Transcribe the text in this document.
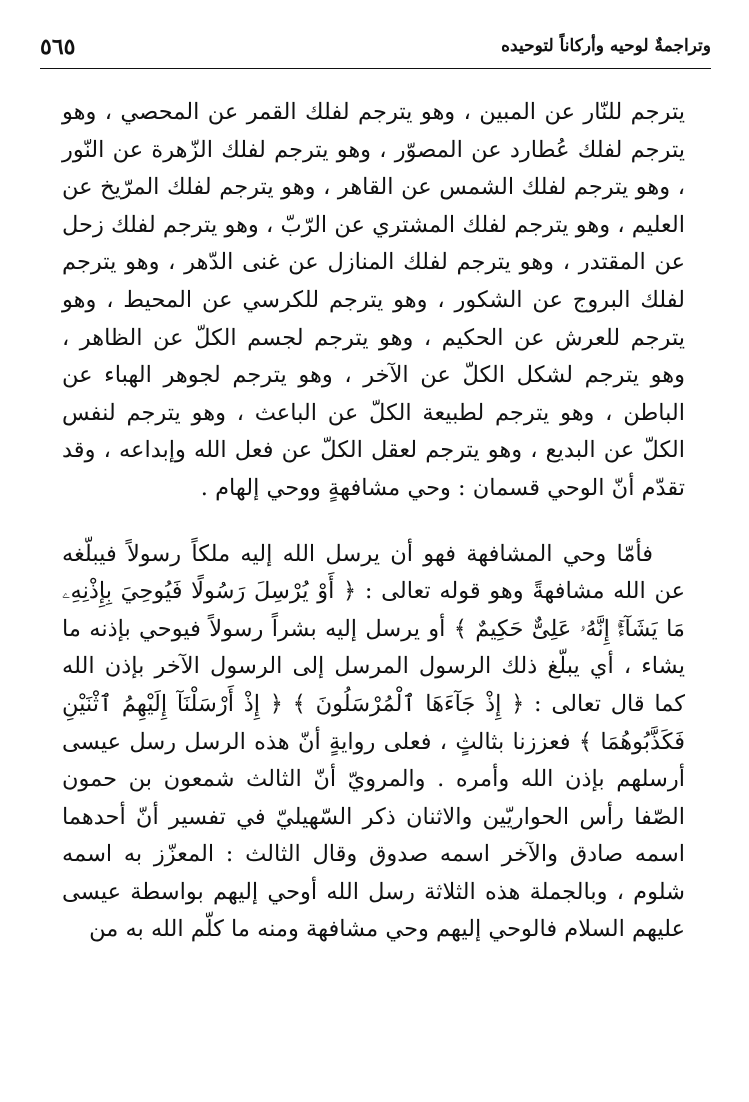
٥٦٥	وتراجمةٌ لوحيه وأركاناً لتوحيده

يترجم للنّار عن المبين ، وهو يترجم لفلك القمر عن المحصي ، وهو يترجم لفلك عُطارد عن المصوّر ، وهو يترجم لفلك الزّهرة عن النّور ، وهو يترجم لفلك الشمس عن القاهر ، وهو يترجم لفلك المرّيخ عن العليم ، وهو يترجم لفلك المشتري عن الرّبّ ، وهو يترجم لفلك زحل عن المقتدر ، وهو يترجم لفلك المنازل عن غنى الدّهر ، وهو يترجم لفلك البروج عن الشكور ، وهو يترجم للكرسي عن المحيط ، وهو يترجم للعرش عن الحكيم ، وهو يترجم لجسم الكلّ عن الظاهر ، وهو يترجم لشكل الكلّ عن الآخر ، وهو يترجم لجوهر الهباء عن الباطن ، وهو يترجم لطبيعة الكلّ عن الباعث ، وهو يترجم لنفس الكلّ عن البديع ، وهو يترجم لعقل الكلّ عن فعل الله وإبداعه ، وقد تقدّم أنّ الوحي قسمان : وحي مشافهةٍ ووحي إلهام .

فأمّا وحي المشافهة فهو أن يرسل الله إليه ملكاً رسولاً فيبلّغه عن الله مشافهةً وهو قوله تعالى : ﴿ أَوْ يُرْسِلَ رَسُولًا فَيُوحِيَ بِإِذْنِهِۦ مَا يَشَآءُۚ إِنَّهُۥ عَلِىٌّ حَكِيمٌ ﴾ أو يرسل إليه بشراً رسولاً فيوحي بإذنه ما يشاء ، أي يبلّغ ذلك الرسول المرسل إلى الرسول الآخر بإذن الله كما قال تعالى : ﴿ إِذْ جَآءَهَا ٱلْمُرْسَلُونَ ﴾ ﴿ إِذْ أَرْسَلْنَآ إِلَيْهِمُ ٱثْنَيْنِ فَكَذَّبُوهُمَا ﴾ فعززنا بثالثٍ ، فعلى روايةٍ أنّ هذه الرسل رسل عيسى أرسلهم بإذن الله وأمره . والمرويّ أنّ الثالث شمعون بن حمون الصّفا رأس الحواريّين والاثنان ذكر السّهيليّ في تفسير أنّ أحدهما اسمه صادق والآخر اسمه صدوق وقال الثالث : المعزّز به اسمه شلوم ، وبالجملة هذه الثلاثة رسل الله أوحي إليهم بواسطة عيسى عليهم السلام فالوحي إليهم وحي مشافهة ومنه ما كلّم الله به من
